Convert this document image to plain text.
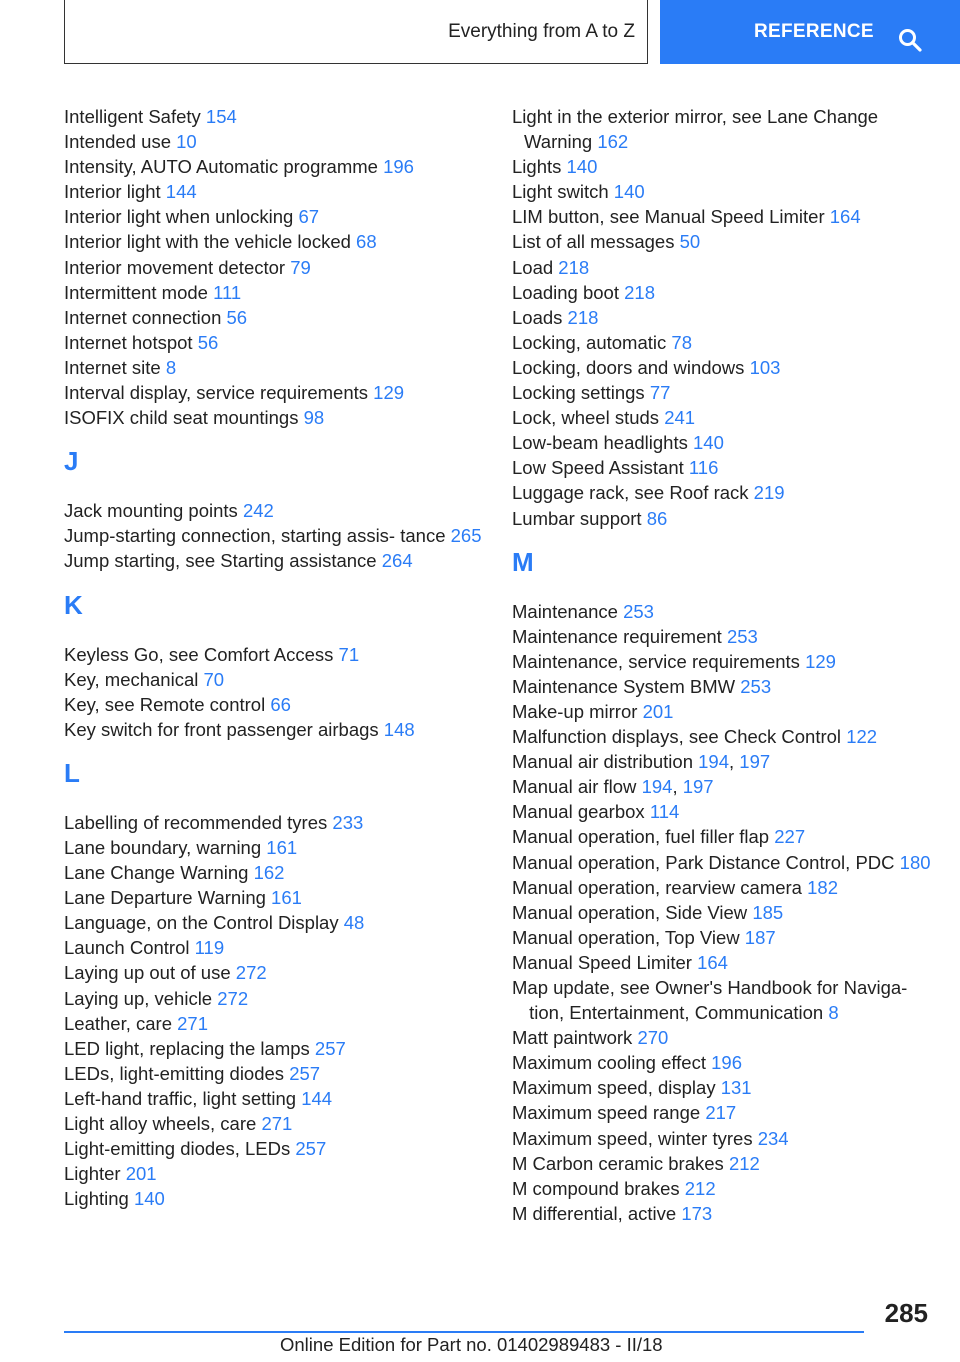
Everything from A to Z	REFERENCE
Intelligent Safety 154
Intended use 10
Intensity, AUTO Automatic programme 196
Interior light 144
Interior light when unlocking 67
Interior light with the vehicle locked 68
Interior movement detector 79
Intermittent mode 111
Internet connection 56
Internet hotspot 56
Internet site 8
Interval display, service requirements 129
ISOFIX child seat mountings 98
J
Jack mounting points 242
Jump-starting connection, starting assis- tance 265
Jump starting, see Starting assistance 264
K
Keyless Go, see Comfort Access 71
Key, mechanical 70
Key, see Remote control 66
Key switch for front passenger airbags 148
L
Labelling of recommended tyres 233
Lane boundary, warning 161
Lane Change Warning 162
Lane Departure Warning 161
Language, on the Control Display 48
Launch Control 119
Laying up out of use 272
Laying up, vehicle 272
Leather, care 271
LED light, replacing the lamps 257
LEDs, light-emitting diodes 257
Left-hand traffic, light setting 144
Light alloy wheels, care 271
Light-emitting diodes, LEDs 257
Lighter 201
Lighting 140
Light in the exterior mirror, see Lane Change Warning 162
Lights 140
Light switch 140
LIM button, see Manual Speed Limiter 164
List of all messages 50
Load 218
Loading boot 218
Loads 218
Locking, automatic 78
Locking, doors and windows 103
Locking settings 77
Lock, wheel studs 241
Low-beam headlights 140
Low Speed Assistant 116
Luggage rack, see Roof rack 219
Lumbar support 86
M
Maintenance 253
Maintenance requirement 253
Maintenance, service requirements 129
Maintenance System BMW 253
Make-up mirror 201
Malfunction displays, see Check Control 122
Manual air distribution 194, 197
Manual air flow 194, 197
Manual gearbox 114
Manual operation, fuel filler flap 227
Manual operation, Park Distance Control, PDC 180
Manual operation, rearview camera 182
Manual operation, Side View 185
Manual operation, Top View 187
Manual Speed Limiter 164
Map update, see Owner's Handbook for Naviga- tion, Entertainment, Communication 8
Matt paintwork 270
Maximum cooling effect 196
Maximum speed, display 131
Maximum speed range 217
Maximum speed, winter tyres 234
M Carbon ceramic brakes 212
M compound brakes 212
M differential, active 173
285
Online Edition for Part no. 01402989483 - II/18
